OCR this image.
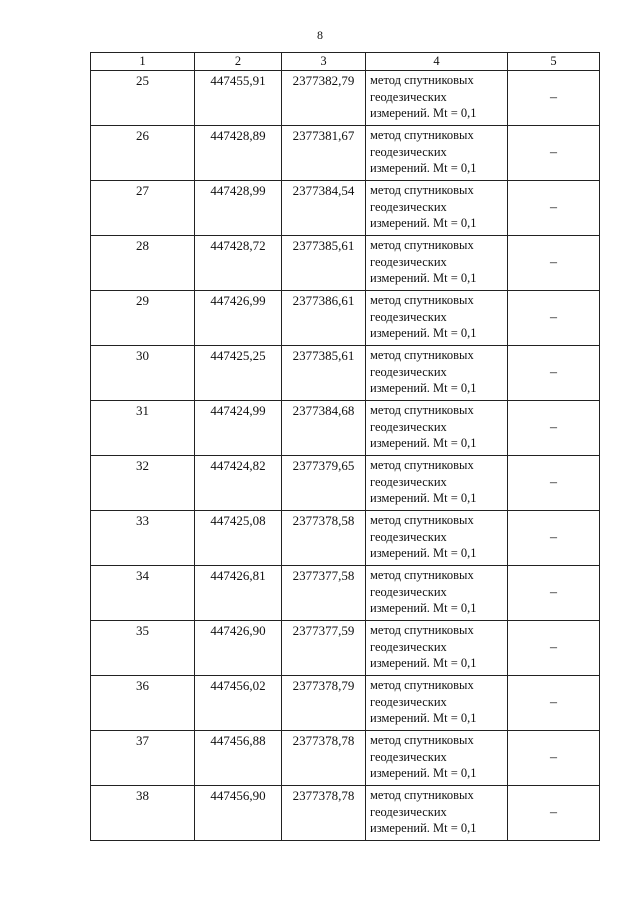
8
1	2	3	4	5
25	447455,91	2377382,79	метод спутниковых
геодезических
измерений. Mt = 0,1	–
26	447428,89	2377381,67	метод спутниковых
геодезических
измерений. Mt = 0,1	–
27	447428,99	2377384,54	метод спутниковых
геодезических
измерений. Mt = 0,1	–
28	447428,72	2377385,61	метод спутниковых
геодезических
измерений. Mt = 0,1	–
29	447426,99	2377386,61	метод спутниковых
геодезических
измерений. Mt = 0,1	–
30	447425,25	2377385,61	метод спутниковых
геодезических
измерений. Mt = 0,1	–
31	447424,99	2377384,68	метод спутниковых
геодезических
измерений. Mt = 0,1	–
32	447424,82	2377379,65	метод спутниковых
геодезических
измерений. Mt = 0,1	–
33	447425,08	2377378,58	метод спутниковых
геодезических
измерений. Mt = 0,1	–
34	447426,81	2377377,58	метод спутниковых
геодезических
измерений. Mt = 0,1	–
35	447426,90	2377377,59	метод спутниковых
геодезических
измерений. Mt = 0,1	–
36	447456,02	2377378,79	метод спутниковых
геодезических
измерений. Mt = 0,1	–
37	447456,88	2377378,78	метод спутниковых
геодезических
измерений. Mt = 0,1	–
38	447456,90	2377378,78	метод спутниковых
геодезических
измерений. Mt = 0,1	–
